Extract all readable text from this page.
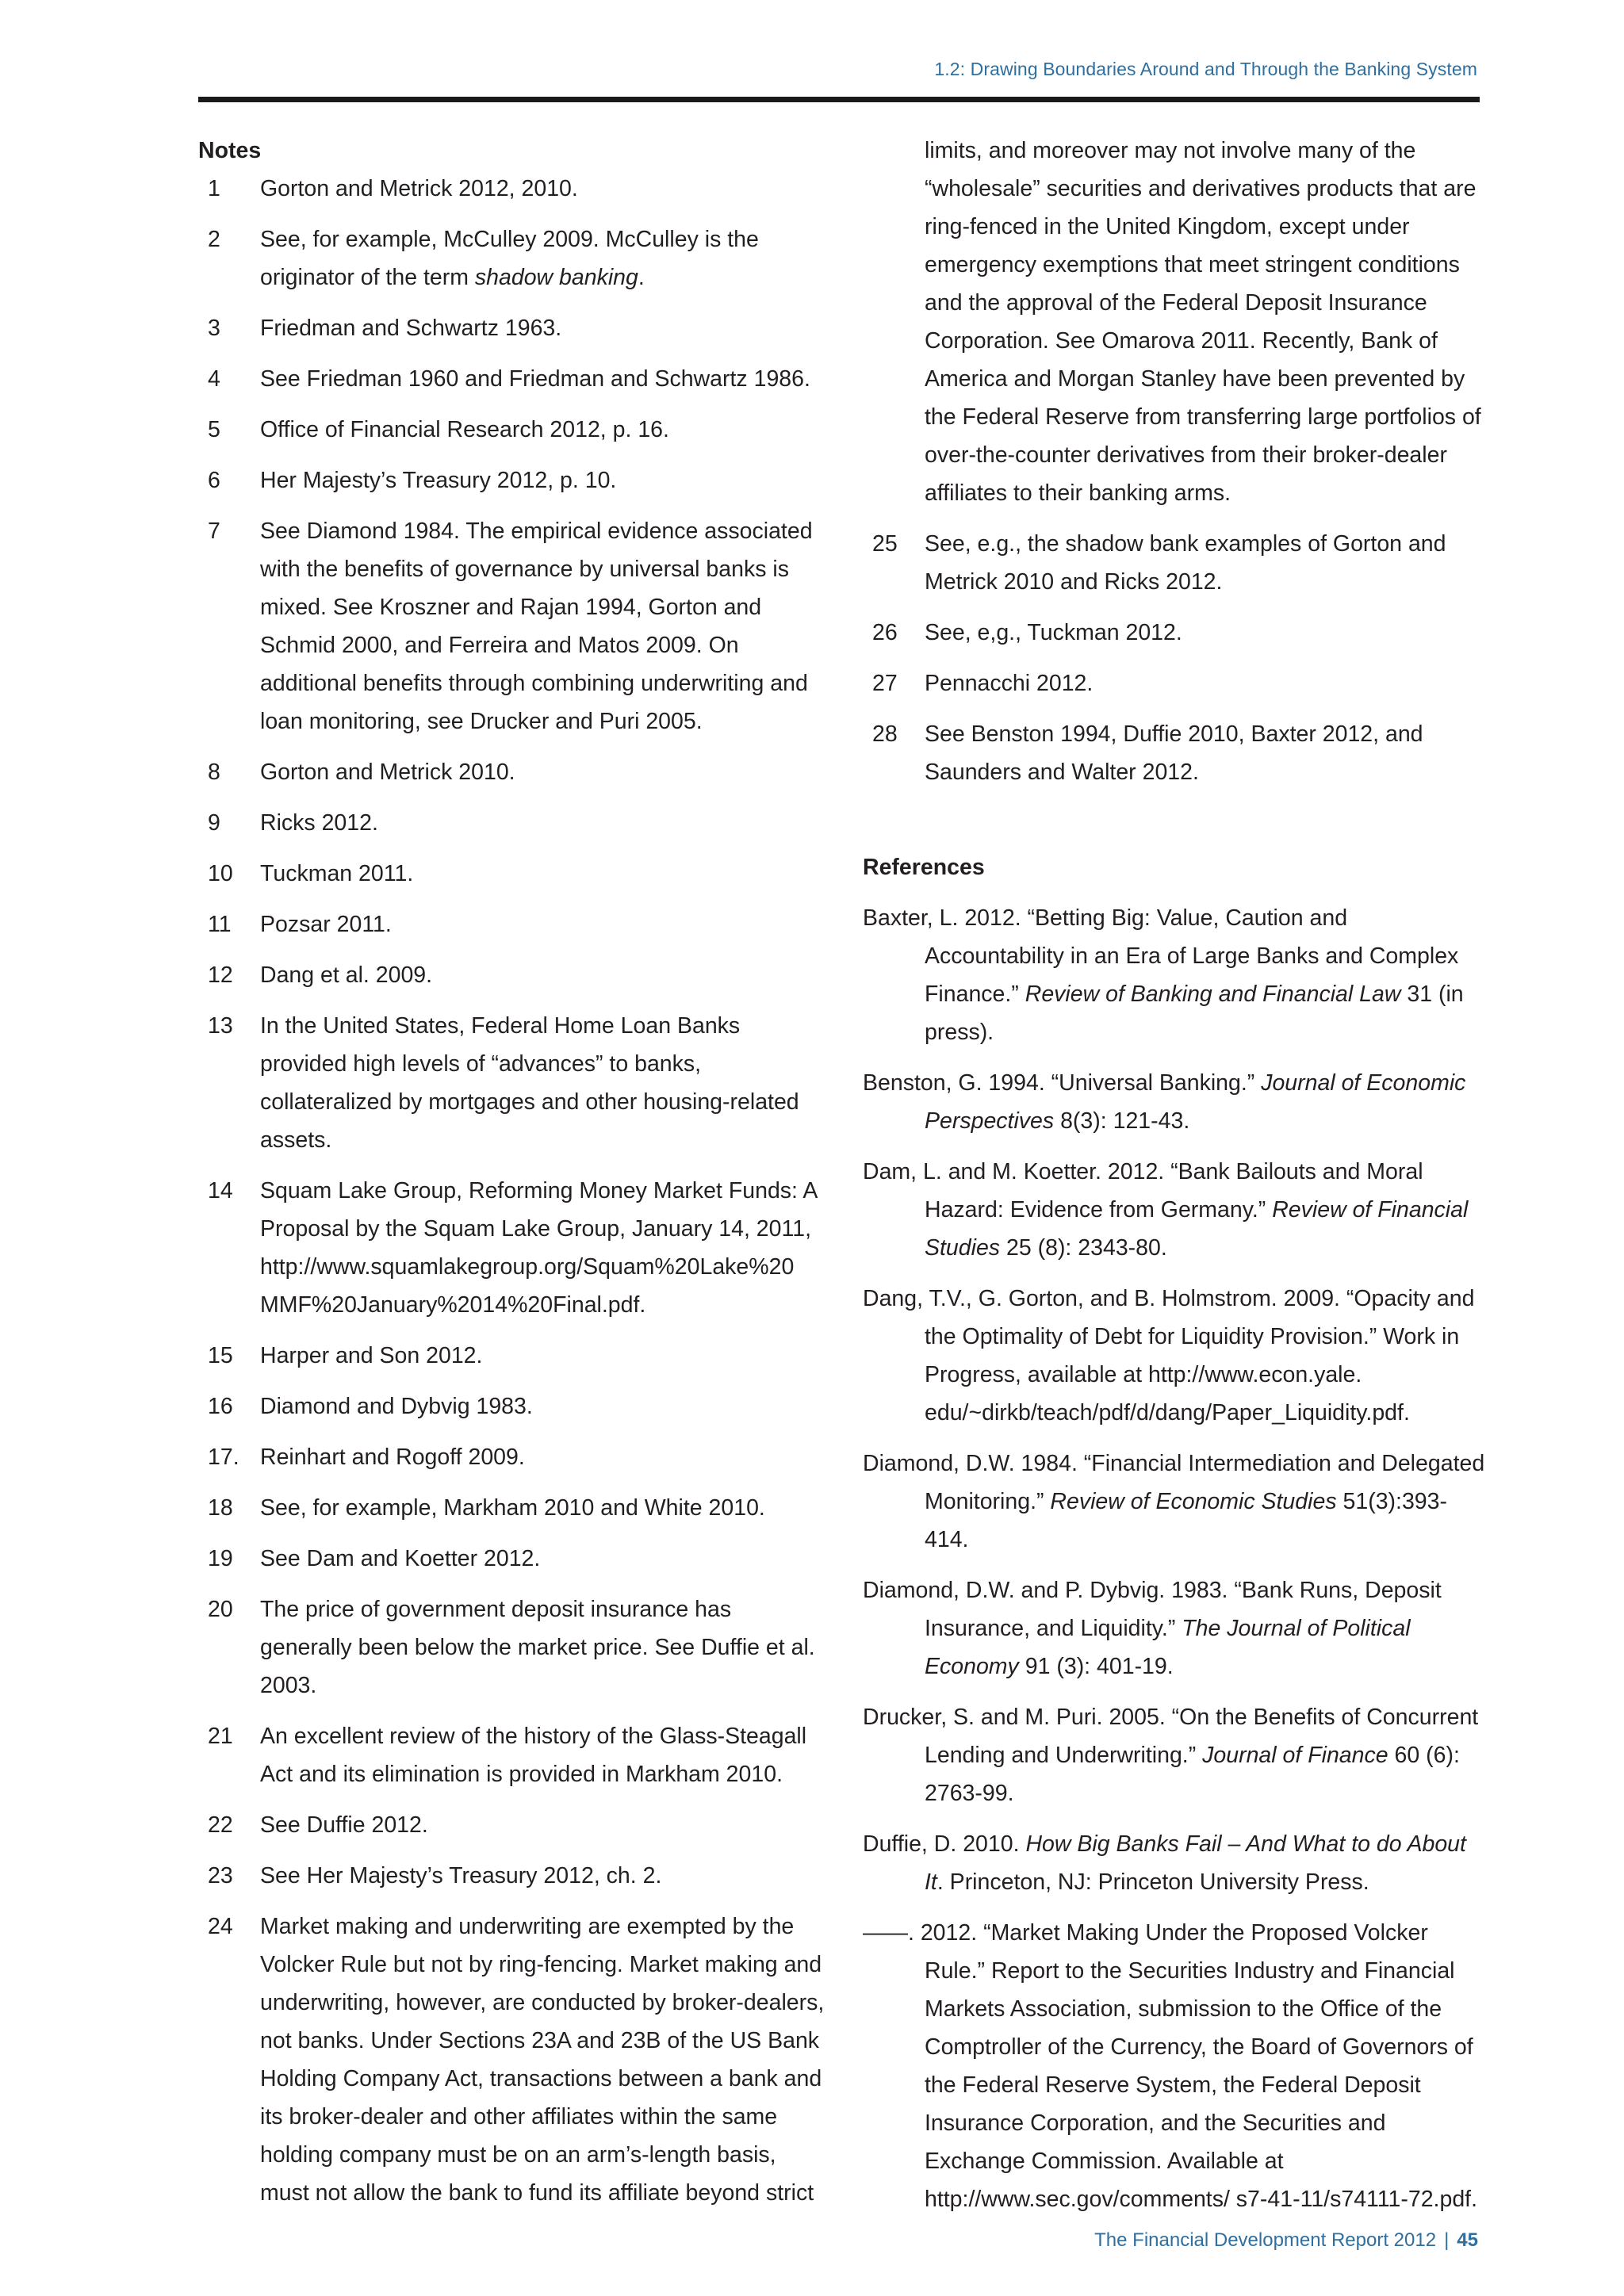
1.2: Drawing Boundaries Around and Through the Banking System
Notes
1	Gorton and Metrick 2012, 2010.
2	See, for example, McCulley 2009. McCulley is the originator of the term shadow banking.
3	Friedman and Schwartz 1963.
4	See Friedman 1960 and Friedman and Schwartz 1986.
5	Office of Financial Research 2012, p. 16.
6	Her Majesty’s Treasury 2012, p. 10.
7	See Diamond 1984. The empirical evidence associated with the benefits of governance by universal banks is mixed. See Kroszner and Rajan 1994, Gorton and Schmid 2000, and Ferreira and Matos 2009. On additional benefits through combining underwriting and loan monitoring, see Drucker and Puri 2005.
8	Gorton and Metrick 2010.
9	Ricks 2012.
10	Tuckman 2011.
11	Pozsar 2011.
12	Dang et al. 2009.
13	In the United States, Federal Home Loan Banks provided high levels of “advances” to banks, collateralized by mortgages and other housing-related assets.
14	Squam Lake Group, Reforming Money Market Funds: A Proposal by the Squam Lake Group, January 14, 2011, http://www.squamlakegroup.org/Squam%20Lake%20 MMF%20January%2014%20Final.pdf.
15	Harper and Son 2012.
16	Diamond and Dybvig 1983.
17. Reinhart and Rogoff 2009.
18	See, for example, Markham 2010 and White 2010.
19	See Dam and Koetter 2012.
20	The price of government deposit insurance has generally been below the market price. See Duffie et al. 2003.
21	An excellent review of the history of the Glass-Steagall Act and its elimination is provided in Markham 2010.
22	See Duffie 2012.
23	See Her Majesty’s Treasury 2012, ch. 2.
24	Market making and underwriting are exempted by the Volcker Rule but not by ring-fencing. Market making and underwriting, however, are conducted by broker-dealers, not banks. Under Sections 23A and 23B of the US Bank Holding Company Act, transactions between a bank and its broker-dealer and other affiliates within the same holding company must be on an arm’s-length basis, must not allow the bank to fund its affiliate beyond strict
limits, and moreover may not involve many of the “wholesale” securities and derivatives products that are ring-fenced in the United Kingdom, except under emergency exemptions that meet stringent conditions and the approval of the Federal Deposit Insurance Corporation. See Omarova 2011. Recently, Bank of America and Morgan Stanley have been prevented by the Federal Reserve from transferring large portfolios of over-the-counter derivatives from their broker-dealer affiliates to their banking arms.
25	See, e.g., the shadow bank examples of Gorton and Metrick 2010 and Ricks 2012.
26	See, e,g., Tuckman 2012.
27	Pennacchi 2012.
28	See Benston 1994, Duffie 2010, Baxter 2012, and Saunders and Walter 2012.
References
Baxter, L. 2012. “Betting Big: Value, Caution and Accountability in an Era of Large Banks and Complex Finance.” Review of Banking and Financial Law 31 (in press).
Benston, G. 1994. “Universal Banking.” Journal of Economic Perspectives 8(3): 121-43.
Dam, L. and M. Koetter. 2012. “Bank Bailouts and Moral Hazard: Evidence from Germany.” Review of Financial Studies 25 (8): 2343-80.
Dang, T.V., G. Gorton, and B. Holmstrom. 2009. “Opacity and the Optimality of Debt for Liquidity Provision.” Work in Progress, available at http://www.econ.yale. edu/~dirkb/teach/pdf/d/dang/Paper_Liquidity.pdf.
Diamond, D.W. 1984. “Financial Intermediation and Delegated Monitoring.” Review of Economic Studies 51(3):393-414.
Diamond, D.W. and P. Dybvig. 1983. “Bank Runs, Deposit Insurance, and Liquidity.” The Journal of Political Economy 91 (3): 401-19.
Drucker, S. and M. Puri. 2005. “On the Benefits of Concurrent Lending and Underwriting.” Journal of Finance 60 (6): 2763-99.
Duffie, D. 2010. How Big Banks Fail – And What to do About It. Princeton, NJ: Princeton University Press.
——. 2012. “Market Making Under the Proposed Volcker Rule.” Report to the Securities Industry and Financial Markets Association, submission to the Office of the Comptroller of the Currency, the Board of Governors of the Federal Reserve System, the Federal Deposit Insurance Corporation, and the Securities and Exchange Commission. Available at http://www.sec.gov/comments/ s7-41-11/s74111-72.pdf.
The Financial Development Report 2012 | 45
